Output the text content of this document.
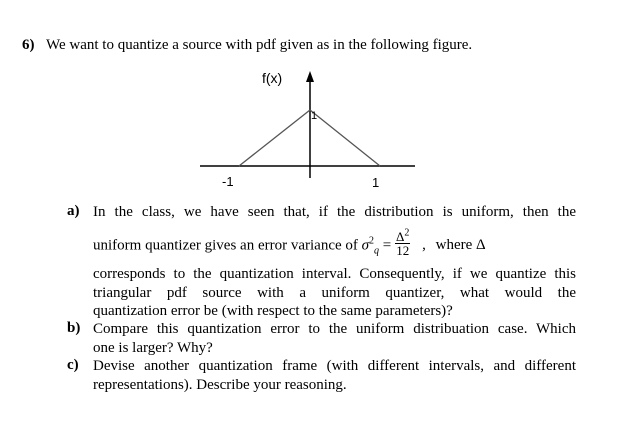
6) We want to quantize a source with pdf given as in the following figure.
f(x)
1
-1	1
a) In the class, we have seen that, if the distribution is uniform, then the
uniform quantizer gives an error variance of $\sigma^2_q = \frac{\Delta^2}{12}$ , where Δ
corresponds to the quantization interval. Consequently, if we quantize this
triangular pdf source with a uniform quantizer, what would the
quantization error be (with respect to the same parameters)?
b) Compare this quantization error to the uniform distribuation case. Which
one is larger? Why?
c) Devise another quantization frame (with different intervals, and different
representations). Describe your reasoning.
